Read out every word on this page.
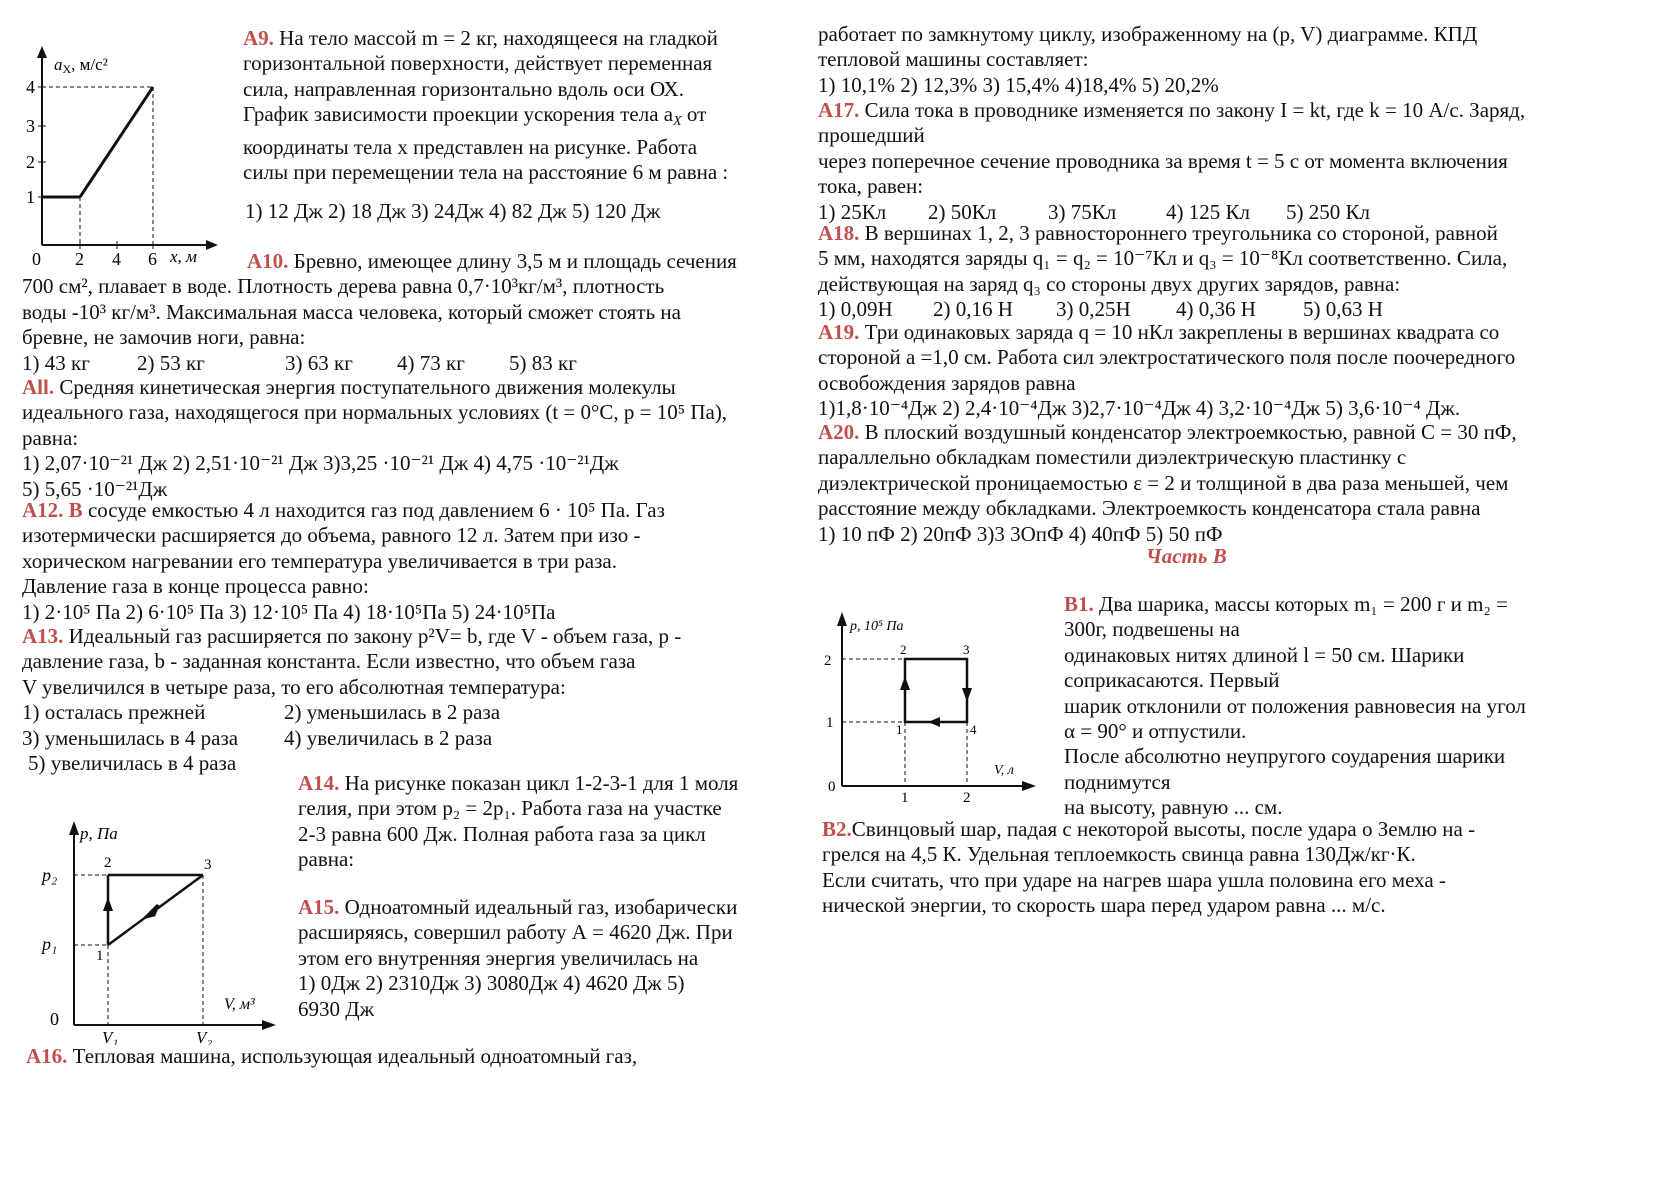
1
2
3
4
0 2 4 6 x, м
aX, м/с²
А9. На тело массой m = 2 кг, находящееся на гладкой
горизонтальной поверхности, действует переменная
сила, направленная горизонтально вдоль оси ОХ.
График зависимости проекции ускорения тела aX от
координаты тела х представлен на рисунке. Работа
силы при перемещении тела на расстояние 6 м равна :
1) 12 Дж 2) 18 Дж 3) 24Дж 4) 82 Дж 5) 120 Дж
А10. Бревно, имеющее длину 3,5 м и площадь сечения
700 см², плавает в воде. Плотность дерева равна 0,7·10³кг/м³, плотность
воды -10³ кг/м³. Максимальная масса человека, который сможет стоять на
бревне, не замочив ноги, равна:
1) 43 кг 2) 53 кг	3) 63 кг 4) 73 кг 5) 83 кг
All. Средняя кинетическая энергия поступательного движения молекулы
идеального газа, находящегося при нормальных условиях (t = 0°С, p = 10⁵ Па),
равна:
1) 2,07·10⁻²¹ Дж 2) 2,51·10⁻²¹ Дж 3)3,25 ·10⁻²¹ Дж 4) 4,75 ·10⁻²¹Дж
5) 5,65 ·10⁻²¹Дж
А12. В сосуде емкостью 4 л находится газ под давлением 6 · 10⁵ Па. Газ
изотермически расширяется до объема, равного 12 л. Затем при изо -
хорическом нагревании его температура увеличивается в три раза.
Давление газа в конце процесса равно:
1) 2·10⁵ Па 2) 6·10⁵ Па 3) 12·10⁵ Па 4) 18·10⁵Па 5) 24·10⁵Па
А13. Идеальный газ расширяется по закону p²V= b, где V - объем газа, p -
давление газа, b - заданная константа. Если известно, что объем газа
V увеличился в четыре раза, то его абсолютная температура:
1) осталась прежней	2) уменьшилась в 2 раза
3) уменьшилась в 4 раза 4) увеличилась в 2 раза
5) увеличилась в 4 раза
p, Па
p₂
p₁
0
V₁	V₂
V, м³
1
2	3
А14. На рисунке показан цикл 1-2-3-1 для 1 моля
гелия, при этом p₂ = 2p₁. Работа газа на участке
2-3 равна 600 Дж. Полная работа газа за цикл
равна:
А15. Одноатомный идеальный газ, изобарически
расширяясь, совершил работу А = 4620 Дж. При
этом его внутренняя энергия увеличилась на
1) 0Дж 2) 2310Дж 3) 3080Дж 4) 4620 Дж 5)
6930 Дж
А16. Тепловая машина, использующая идеальный одноатомный газ,
работает по замкнутому циклу, изображенному на (p, V) диаграмме. КПД
тепловой машины составляет:
1) 10,1% 2) 12,3% 3) 15,4% 4)18,4% 5) 20,2%
А17. Сила тока в проводнике изменяется по закону I = kt, где k = 10 А/с. Заряд,
прошедший
через поперечное сечение проводника за время t = 5 с от момента включения
тока, равен:
1) 25Кл 2) 50Кл 3) 75Кл 4) 125 Кл 5) 250 Кл
А18. В вершинах 1, 2, 3 равностороннего треугольника со стороной, равной
5 мм, находятся заряды q₁ = q₂ = 10⁻⁷Кл и q₃ = 10⁻⁸Кл соответственно. Сила,
действующая на заряд q₃ со стороны двух других зарядов, равна:
1) 0,09Н 2) 0,16 Н 3) 0,25Н 4) 0,36 Н 5) 0,63 Н
А19. Три одинаковых заряда q = 10 нКл закреплены в вершинах квадрата со
стороной a =1,0 см. Работа сил электростатического поля после поочередного
освобождения зарядов равна
1)1,8·10⁻⁴Дж 2) 2,4·10⁻⁴Дж 3)2,7·10⁻⁴Дж 4) 3,2·10⁻⁴Дж 5) 3,6·10⁻⁴ Дж.
А20. В плоский воздушный конденсатор электроемкостью, равной С = 30 пФ,
параллельно обкладкам поместили диэлектрическую пластинку с
диэлектрической проницаемостью ε = 2 и толщиной в два раза меньшей, чем
расстояние между обкладками. Электроемкость конденсатора стала равна
1) 10 пФ 2) 20пФ 3)3 3ОпФ 4) 40пФ 5) 50 пФ
Часть В
p, 10⁵ Па
2
1
0
1	2
V, л
1
2	3
4
В1. Два шарика, массы которых m₁ = 200 г и m₂ =
300г, подвешены на
одинаковых нитях длиной l = 50 см. Шарики
соприкасаются. Первый
шарик отклонили от положения равновесия на угол
α = 90° и отпустили.
После абсолютно неупругого соударения шарики
поднимутся
на высоту, равную ... см.
В2.Свинцовый шар, падая с некоторой высоты, после удара о Землю на -
грелся на 4,5 К. Удельная теплоемкость свинца равна 130Дж/кг·К.
Если считать, что при ударе на нагрев шара ушла половина его меха -
нической энергии, то скорость шара перед ударом равна ... м/с.
